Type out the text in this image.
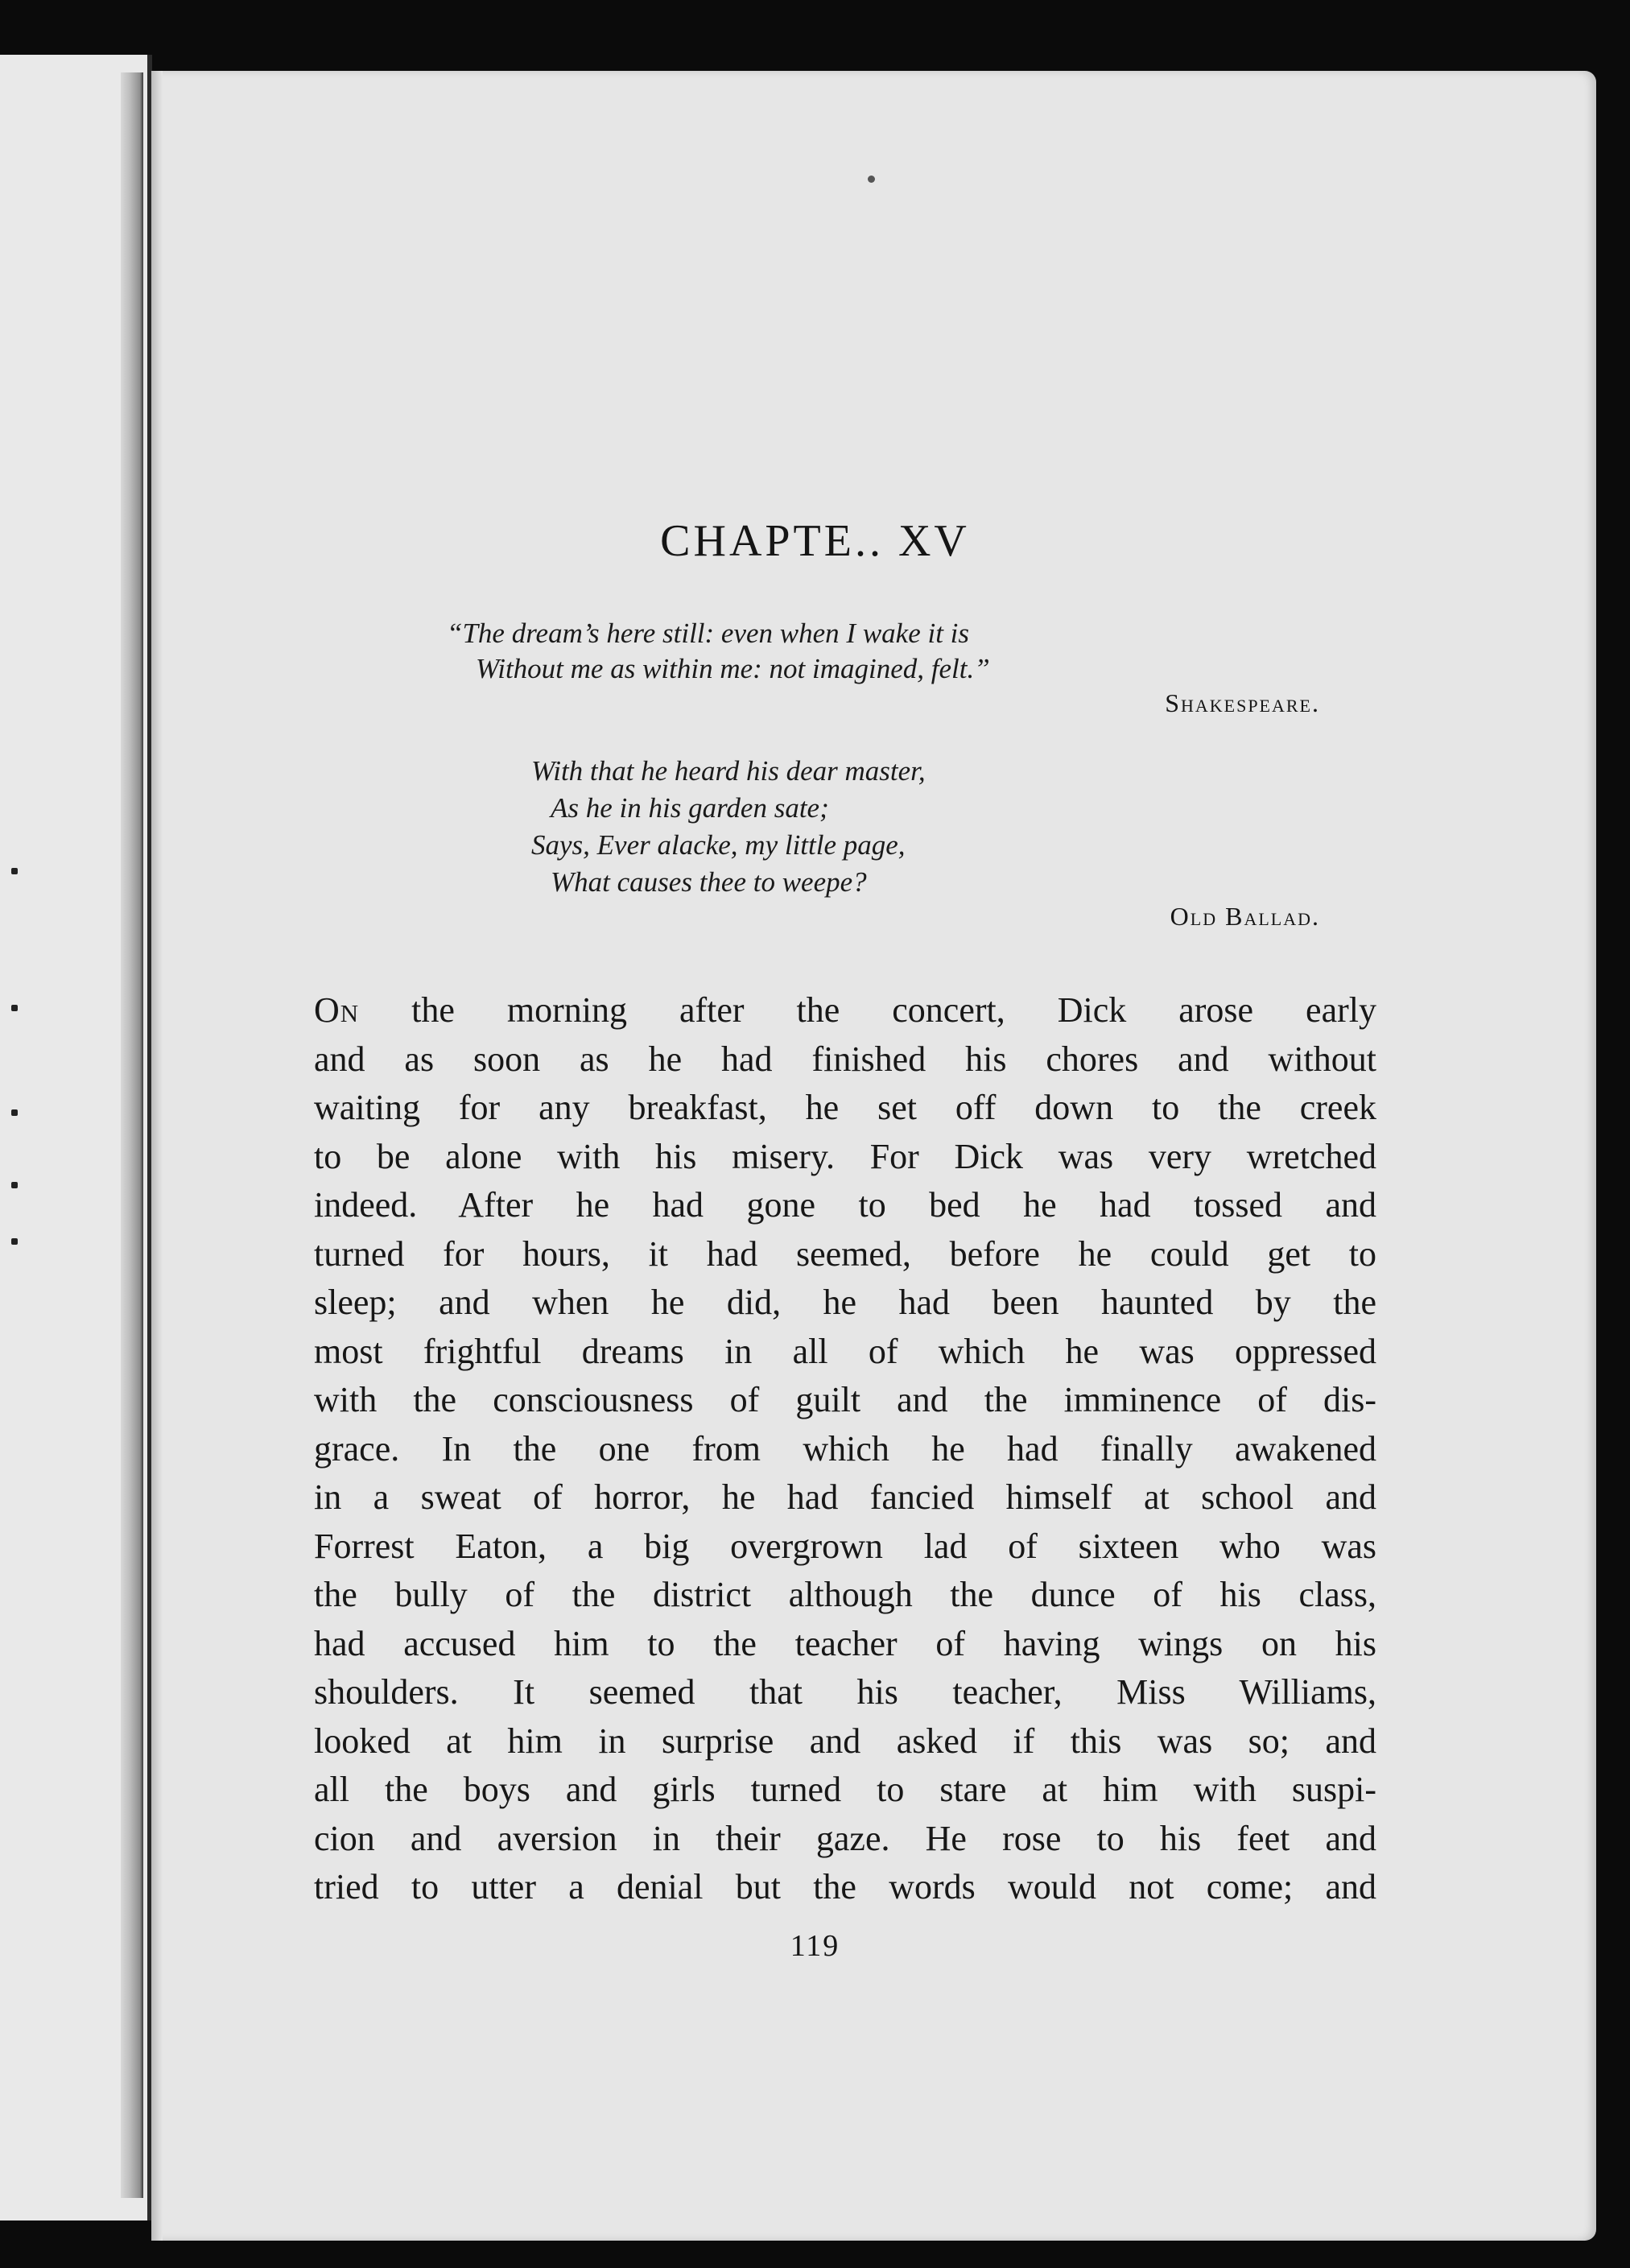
CHAPTE.. XV
“The dream’s here still: even when I wake it is
Without me as within me: not imagined, felt.”
Shakespeare.
With that he heard his dear master,
As he in his garden sate;
Says, Ever alacke, my little page,
What causes thee to weepe?
Old Ballad.
On the morning after the concert, Dick arose early
and as soon as he had finished his chores and without
waiting for any breakfast, he set off down to the creek
to be alone with his misery. For Dick was very wretched
indeed. After he had gone to bed he had tossed and
turned for hours, it had seemed, before he could get to
sleep; and when he did, he had been haunted by the
most frightful dreams in all of which he was oppressed
with the consciousness of guilt and the imminence of dis-
grace. In the one from which he had finally awakened
in a sweat of horror, he had fancied himself at school and
Forrest Eaton, a big overgrown lad of sixteen who was
the bully of the district although the dunce of his class,
had accused him to the teacher of having wings on his
shoulders. It seemed that his teacher, Miss Williams,
looked at him in surprise and asked if this was so; and
all the boys and girls turned to stare at him with suspi-
cion and aversion in their gaze. He rose to his feet and
tried to utter a denial but the words would not come; and
119
